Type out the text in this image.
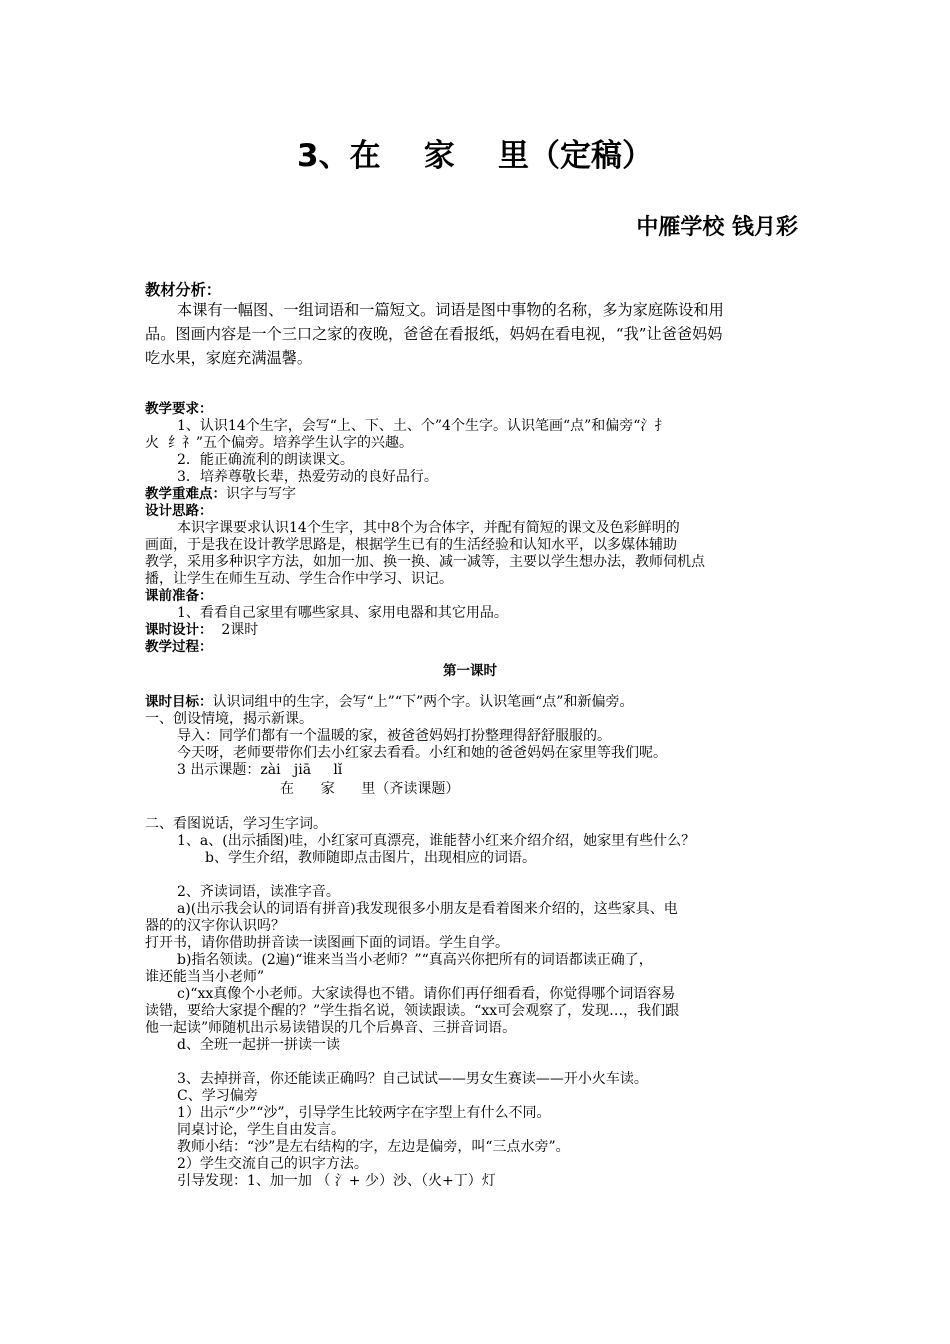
3、在    家    里（定稿）
中雁学校 钱月彩
教材分析：
本课有一幅图、一组词语和一篇短文。词语是图中事物的名称，多为家庭陈设和用
品。图画内容是一个三口之家的夜晚，爸爸在看报纸，妈妈在看电视，“我”让爸爸妈妈
吃水果，家庭充满温馨。
教学要求：
1、认识14个生字，会写“上、下、土、个”4个生字。认识笔画“点”和偏旁“氵扌
火  纟礻”五个偏旁。培养学生认字的兴趣。
2．能正确流利的朗读课文。
3．培养尊敬长辈，热爱劳动的良好品行。
教学重难点：识字与写字
设计思路：
本识字课要求认识14个生字，其中8个为合体字，并配有简短的课文及色彩鲜明的
画面，于是我在设计教学思路是，根据学生已有的生活经验和认知水平，以多媒体辅助
教学，采用多种识字方法，如加一加、换一换、减一减等，主要以学生想办法，教师伺机点
播，让学生在师生互动、学生合作中学习、识记。
课前准备：
1、看看自己家里有哪些家具、家用电器和其它用品。
课时设计：  2课时
教学过程：
第一课时
课时目标：认识词组中的生字，会写“上”“下”两个字。认识笔画“点”和新偏旁。
一、创设情境，揭示新课。
导入：同学们都有一个温暖的家，被爸爸妈妈打扮整理得舒舒服服的。
今天呀，老师要带你们去小红家去看看。小红和她的爸爸妈妈在家里等我们呢。
3 出示课题：zài   jiā     lǐ
在      家      里（齐读课题）
二、看图说话，学习生字词。
1、a、(出示插图)哇，小红家可真漂亮，谁能替小红来介绍介绍，她家里有些什么？
b、学生介绍，教师随即点击图片，出现相应的词语。
2、齐读词语，读准字音。
a)(出示我会认的词语有拼音)我发现很多小朋友是看着图来介绍的，这些家具、电
器的的汉字你认识吗？
打开书，请你借助拼音读一读图画下面的词语。学生自学。
b)指名领读。(2遍)“谁来当当小老师？”“真高兴你把所有的词语都读正确了，
谁还能当当小老师”
c)“xx真像个小老师。大家读得也不错。请你们再仔细看看，你觉得哪个词语容易
读错，要给大家提个醒的？”学生指名说，领读跟读。“xx可会观察了，发现…，我们跟
他一起读”师随机出示易读错误的几个后鼻音、三拼音词语。
d、全班一起拼一拼读一读
3、去掉拼音，你还能读正确吗？自己试试——男女生赛读——开小火车读。
C、学习偏旁
1）出示“少”“沙”，引导学生比较两字在字型上有什么不同。
同桌讨论，学生自由发言。
教师小结：“沙”是左右结构的字，左边是偏旁，叫“三点水旁”。
2）学生交流自己的识字方法。
引导发现：1、加一加 （ 氵+ 少）沙、（火+丁）灯
